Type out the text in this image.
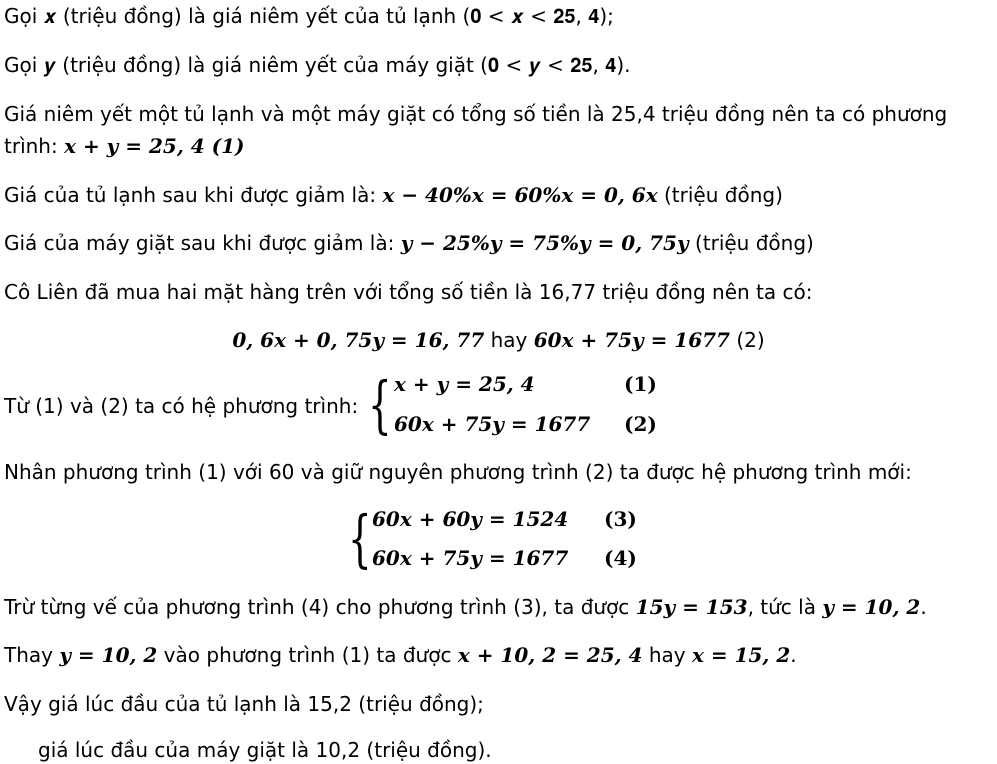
Gọi 𝒙 (triệu đồng) là giá niêm yết của tủ lạnh (𝟎 < 𝒙 < 𝟐𝟓, 𝟒);
Gọi 𝒚 (triệu đồng) là giá niêm yết của máy giặt (𝟎 < 𝒚 < 𝟐𝟓, 𝟒).
Giá niêm yết một tủ lạnh và một máy giặt có tổng số tiền là 25,4 triệu đồng nên ta có phương
trình: x + y = 25, 4 (1)
Giá của tủ lạnh sau khi được giảm là: x − 40%x = 60%x = 0, 6x (triệu đồng)
Giá của máy giặt sau khi được giảm là: y − 25%y = 75%y = 0, 75y (triệu đồng)
Cô Liên đã mua hai mặt hàng trên với tổng số tiền là 16,77 triệu đồng nên ta có:
0, 6x + 0, 75y = 16, 77 hay 60x + 75y = 1677 (2)
Từ (1) và (2) ta có hệ phương trình: { x + y = 25, 4	(1)
60x + 75y = 1677 (2)
Nhân phương trình (1) với 60 và giữ nguyên phương trình (2) ta được hệ phương trình mới:
{ 60x + 60y = 1524 (3)
60x + 75y = 1677 (4)
Trừ từng vế của phương trình (4) cho phương trình (3), ta được 15y = 153, tức là y = 10, 2.
Thay y = 10, 2 vào phương trình (1) ta được x + 10, 2 = 25, 4 hay x = 15, 2.
Vậy giá lúc đầu của tủ lạnh là 15,2 (triệu đồng);
giá lúc đầu của máy giặt là 10,2 (triệu đồng).
